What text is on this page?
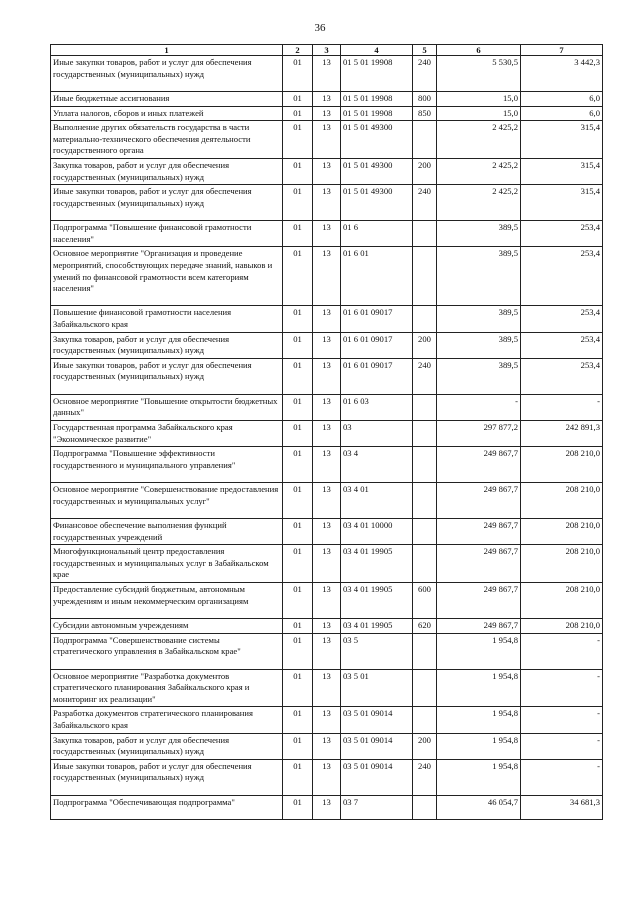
36
1	2	3	4	5	6	7
Иные закупки товаров, работ и услуг для обеспечения государственных (муниципальных) нужд	01	13	01 5 01 19908	240	5 530,5	3 442,3
Иные бюджетные ассигнования	01	13	01 5 01 19908	800	15,0	6,0
Уплата налогов, сборов и иных платежей	01	13	01 5 01 19908	850	15,0	6,0
Выполнение других обязательств государства в части материально-технического обеспечения деятельности государственного органа	01	13	01 5 01 49300		2 425,2	315,4
Закупка товаров, работ и услуг для обеспечения государственных (муниципальных) нужд	01	13	01 5 01 49300	200	2 425,2	315,4
Иные закупки товаров, работ и услуг для обеспечения государственных (муниципальных) нужд	01	13	01 5 01 49300	240	2 425,2	315,4
Подпрограмма "Повышение финансовой грамотности населения"	01	13	01 6		389,5	253,4
Основное мероприятие "Организация и проведение мероприятий, способствующих передаче знаний, навыков и умений по финансовой грамотности всем категориям населения"	01	13	01 6 01		389,5	253,4
Повышение финансовой грамотности населения Забайкальского края	01	13	01 6 01 09017		389,5	253,4
Закупка товаров, работ и услуг для обеспечения государственных (муниципальных) нужд	01	13	01 6 01 09017	200	389,5	253,4
Иные закупки товаров, работ и услуг для обеспечения государственных (муниципальных) нужд	01	13	01 6 01 09017	240	389,5	253,4
Основное мероприятие "Повышение открытости бюджетных данных"	01	13	01 6 03		-	-
Государственная программа Забайкальского края "Экономическое развитие"	01	13	03		297 877,2	242 891,3
Подпрограмма "Повышение эффективности государственного и муниципального управления"	01	13	03 4		249 867,7	208 210,0
Основное мероприятие "Совершенствование предоставления государственных и муниципальных услуг"	01	13	03 4 01		249 867,7	208 210,0
Финансовое обеспечение выполнения функций государственных учреждений	01	13	03 4 01 10000		249 867,7	208 210,0
Многофункциональный центр предоставления государственных и муниципальных услуг в Забайкальском крае	01	13	03 4 01 19905		249 867,7	208 210,0
Предоставление субсидий бюджетным, автономным учреждениям и иным некоммерческим организациям	01	13	03 4 01 19905	600	249 867,7	208 210,0
Субсидии автономным учреждениям	01	13	03 4 01 19905	620	249 867,7	208 210,0
Подпрограмма "Совершенствование системы стратегического управления в Забайкальском крае"	01	13	03 5		1 954,8	-
Основное мероприятие "Разработка документов стратегического планирования Забайкальского края и мониторинг их реализации"	01	13	03 5 01		1 954,8	-
Разработка документов стратегического планирования Забайкальского края	01	13	03 5 01 09014		1 954,8	-
Закупка товаров, работ и услуг для обеспечения государственных (муниципальных) нужд	01	13	03 5 01 09014	200	1 954,8	-
Иные закупки товаров, работ и услуг для обеспечения государственных (муниципальных) нужд	01	13	03 5 01 09014	240	1 954,8	-
Подпрограмма "Обеспечивающая подпрограмма"	01	13	03 7		46 054,7	34 681,3
